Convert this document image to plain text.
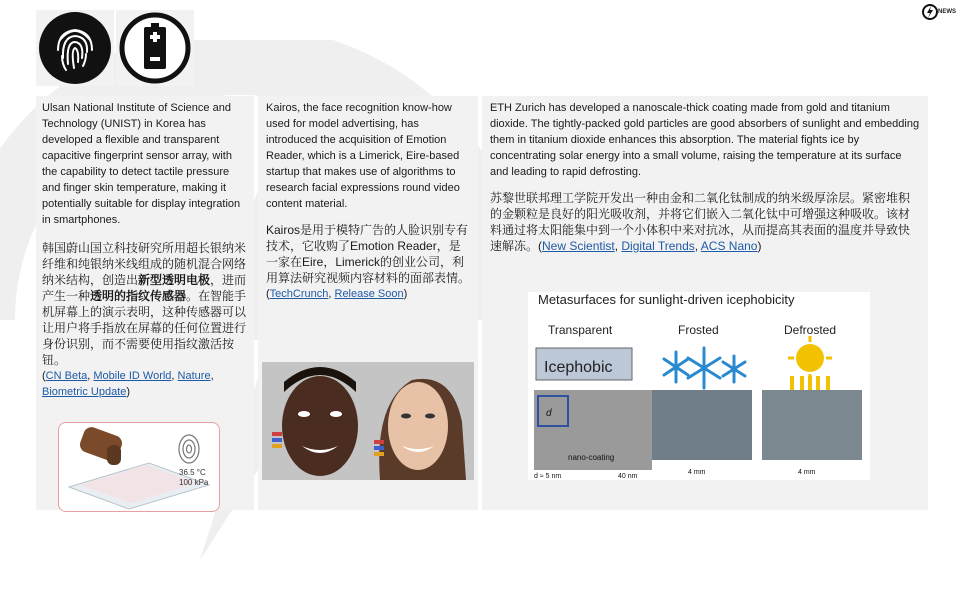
NEWS

Ulsan National Institute of Science and Technology (UNIST) in Korea has developed a flexible and transparent capacitive fingerprint sensor array, with the capability to detect tactile pressure and finger skin temperature, making it potentially suitable for display integration in smartphones.

韩国蔚山国立科技研究所用超长银纳米纤维和纯银纳米线组成的随机混合网络纳米结构，创造出新型透明电极，进而产生一种透明的指纹传感器。在智能手机屏幕上的演示表明，这种传感器可以让用户将手指放在屏幕的任何位置进行身份识别，而不需要使用指纹激活按钮。

(CN Beta, Mobile ID World, Nature, Biometric Update)

Kairos, the face recognition know-how used for model advertising, has introduced the acquisition of Emotion Reader, which is a Limerick, Eire-based startup that makes use of algorithms to research facial expressions round video content material.

Kairos是用于模特广告的人脸识别专有技术，它收购了Emotion Reader，是一家在Eire，Limerick的创业公司，利用算法研究视频内容材料的面部表情。

(TechCrunch, Release Soon)

ETH Zurich has developed a nanoscale-thick coating made from gold and titanium dioxide. The tightly-packed gold particles are good absorbers of sunlight and embedding them in titanium dioxide enhances this absorption. The material fights ice by concentrating solar energy into a small volume, raising the temperature at its surface and leading to rapid defrosting.

苏黎世联邦理工学院开发出一种由金和二氧化钛制成的纳米级厚涂层。紧密堆积的金颗粒是良好的阳光吸收剂，并将它们嵌入二氧化钛中可增强这种吸收。该材料通过将太阳能集中到一个小体积中来对抗冰，从而提高其表面的温度并导致快速解冻。(New Scientist, Digital Trends, ACS Nano)

36.5 °C
100 kPa
Metasurfaces for sunlight-driven icephobicity
Transparent	Frosted	Defrosted
Icephobic
d
nano-coating
d ≈ 5 nm	40 nm
4 mm	4 mm
